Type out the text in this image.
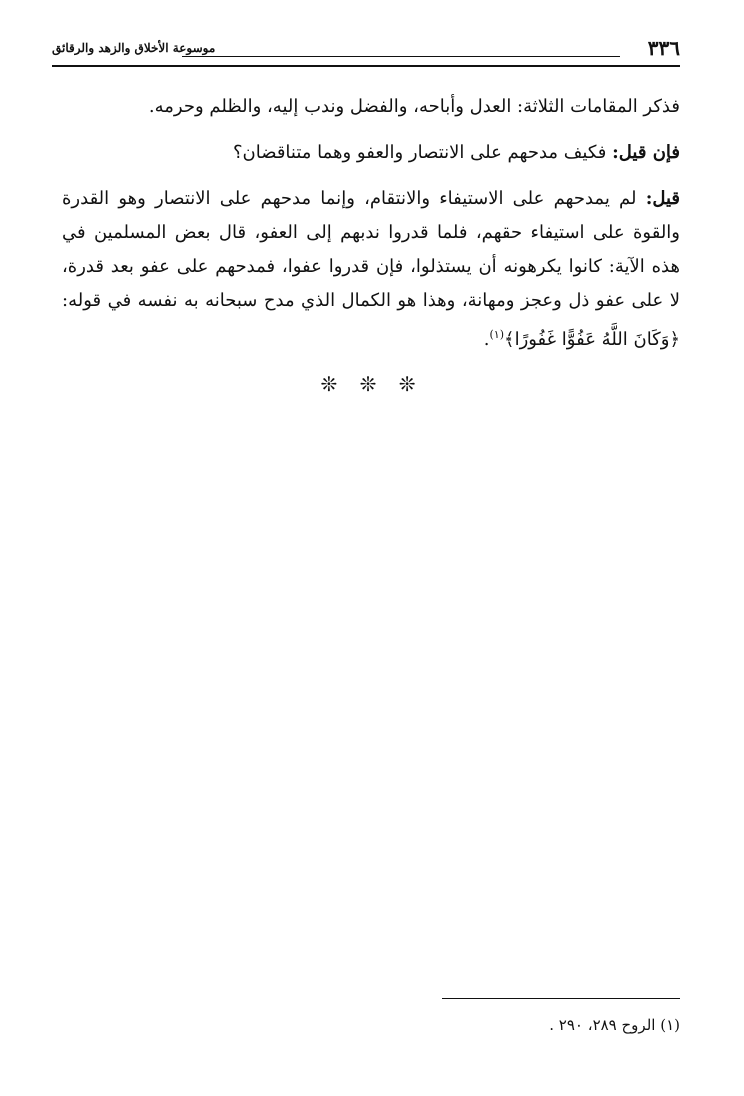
٣٣٦
موسوعة الأخلاق والزهد والرقائق

فذكر المقامات الثلاثة: العدل وأباحه، والفضل وندب إليه، والظلم وحرمه.

فإن قيل: فكيف مدحهم على الانتصار والعفو وهما متناقضان؟

قيل: لم يمدحهم على الاستيفاء والانتقام، وإنما مدحهم على الانتصار وهو القدرة والقوة على استيفاء حقهم، فلما قدروا ندبهم إلى العفو، قال بعض المسلمين في هذه الآية: كانوا يكرهونه أن يستذلوا، فإن قدروا عفوا، فمدحهم على عفو بعد قدرة، لا على عفو ذل وعجز ومهانة، وهذا هو الكمال الذي مدح سبحانه به نفسه في قوله: ﴿وَكَانَ اللَّهُ عَفُوًّا غَفُورًا﴾$^{(١)}$.

❊ ❊ ❊
(١) الروح ٢٨٩، ٢٩٠ .
